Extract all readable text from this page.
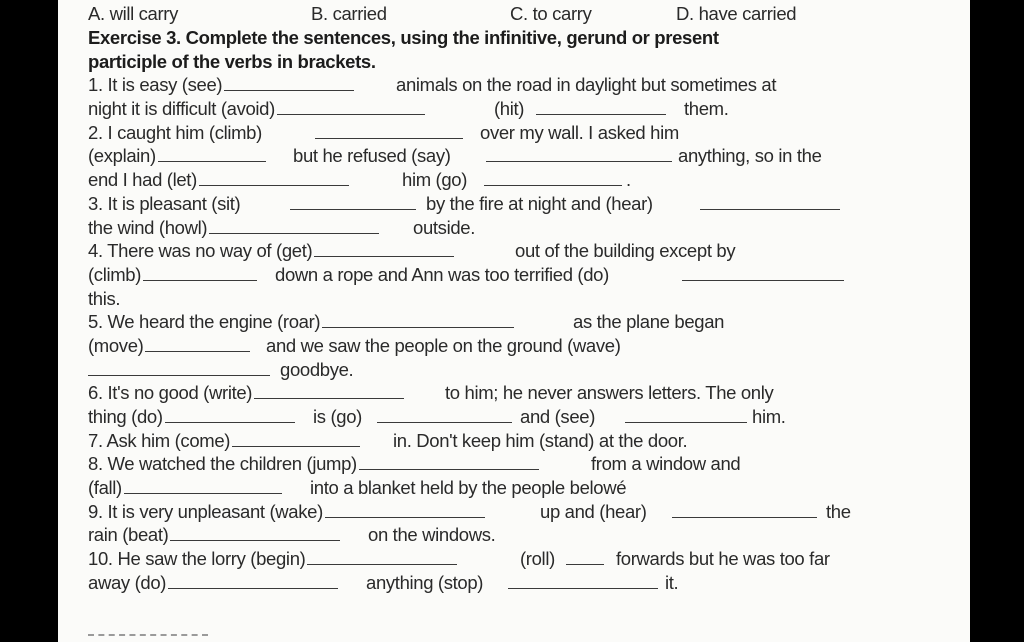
A. will carry	B. carried	C. to carry	D. have carried
Exercise 3. Complete the sentences, using the infinitive, gerund or present
participle of the verbs in brackets.
1. It is easy (see)	animals on the road in daylight but sometimes at
night it is difficult (avoid)	(hit)	them.
2. I caught him (climb)	over my wall. I asked him
(explain)	but he refused (say)	anything, so in the
end I had (let)	him (go)	.
3. It is pleasant (sit)	by the fire at night and (hear)
the wind (howl)	outside.
4. There was no way of (get)	out of the building except by
(climb)	down a rope and Ann was too terrified (do)
this.
5. We heard the engine (roar)	as the plane began
(move)	and we saw the people on the ground (wave)
goodbye.
6. It's no good (write)	to him; he never answers letters. The only
thing (do)	is (go)	and (see)	him.
7. Ask him (come)	in. Don't keep him (stand) at the door.
8. We watched the children (jump)	from a window and
(fall)	into a blanket held by the people belowé
9. It is very unpleasant (wake)	up and (hear)	the
rain (beat)	on the windows.
10. He saw the lorry (begin)	(roll)	forwards but he was too far
away (do)	anything (stop)	it.
